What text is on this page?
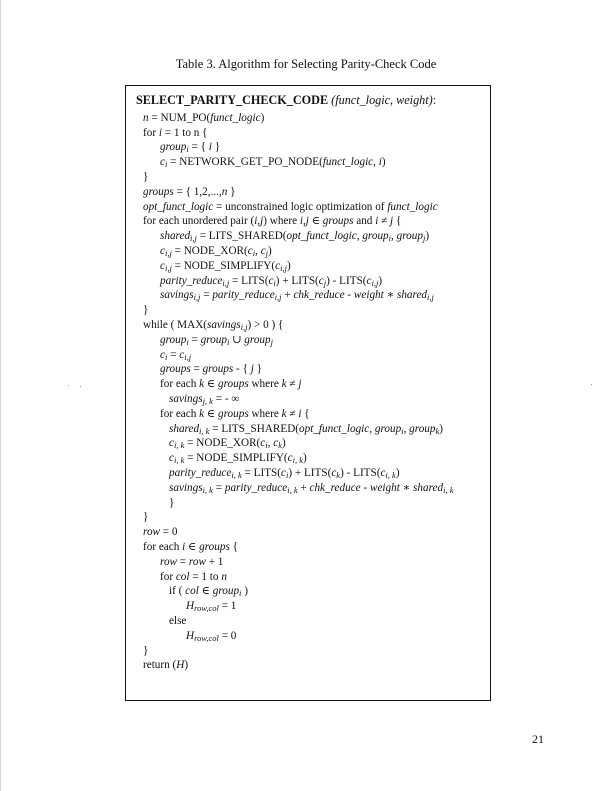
Table 3. Algorithm for Selecting Parity-Check Code
SELECT_PARITY_CHECK_CODE (funct_logic, weight):
n = NUM_PO(funct_logic)
for i = 1 to n {
group$_i$ = { i }
$c_i$ = NETWORK_GET_PO_NODE(funct_logic, i)
}
groups = { 1,2,...,n }
opt_funct_logic = unconstrained logic optimization of funct_logic
for each unordered pair (i,j) where i,j ∈ groups and i ≠ j {
shared$_{i,j}$ = LITS_SHARED(opt_funct_logic, group$_i$, group$_j$)
$c_{i,j}$ = $NODE\_XOR(c_i$, $c_j$)
$c_{i,j}$ = $NODE\_SIMPLIFY(c_{i,j})$
parity_reduce$_{i,j}$ = $LITS(c_i)$ + $LITS(c_j)$ - $LITS(c_{i,j})$
savings$_{i,j}$ = parity_reduce$_{i,j}$ + chk_reduce - weight ∗ shared$_{i,j}$
}
while ( MAX(savings$_{i,j}$) > 0 ) {
group$_i$ = group$_i$ ∪ group$_j$
$c_i = c_{i,j}$
groups = groups - { j }
for each k ∈ groups where k ≠ j
savings$_{j, k}$ = - ∞
for each k ∈ groups where k ≠ i {
shared$_{i, k}$ = LITS_SHARED(opt_funct_logic, group$_i$, group$_k$)
$c_{i, k}$ = $NODE\_XOR(c_i$, $c_k$)
$c_{i, k}$ = $NODE\_SIMPLIFY(c_{i, k})$
parity_reduce$_{i, k}$ = $LITS(c_i)$ + $LITS(c_k)$ - $LITS(c_{i, k})$
savings$_{i, k}$ = parity_reduce$_{i, k}$ + chk_reduce - weight ∗ shared$_{i, k}$
}
}
row = 0
for each i ∈ groups {
row = row + 1
for col = 1 to n
if ( col ∈ group$_i$ )
$H_{row,col} = 1$
else
$H_{row,col} = 0$
}
return (H)
21
